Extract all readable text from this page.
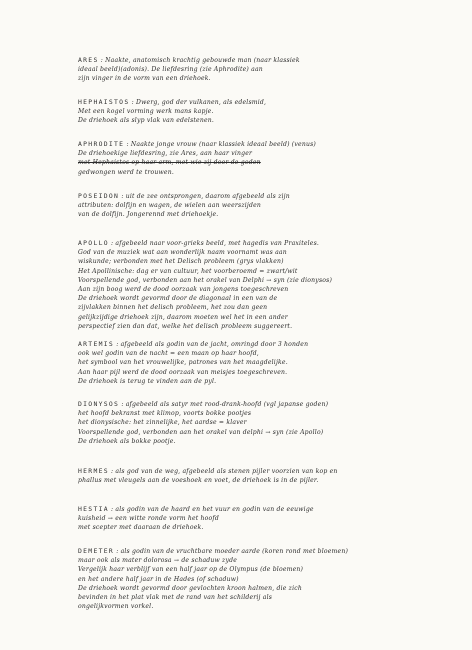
ARES : Naakte, anatomisch krachtig gebouwde man (naar klassiek
ideaal beeld)(adonis). De liefdesring (zie Aphrodite) aan
zijn vinger in de vorm van een driehoek.
HEPHAISTOS : Dwerg, god der vulkanen, als edelsmid,
Met een kogel vorming werk mans kapje.
De driehoek als slyp vlak van edelstenen.
APHRODITE : Naakte jonge vrouw (naar klassiek ideaal beeld) (venus)
De driehoekige liefdesring, zie Ares, aan haar vinger
met Hephaistos op haar arm, met wie zij door de goden
gedwongen werd te trouwen.
POSEIDON : uit de zee ontsprongen, daarom afgebeeld als zijn
attributen: dolfijn en wagen, de wielen aan weerszijden
van de dolfijn. Jongerennd met driehoekje.
APOLLO : afgebeeld naar voor-grieks beeld, met hagedis van Praxiteles.
God van de muziek wat aan wonderlijk naam voornamt was aan
wiskunde; verbonden met het Delisch probleem (grys vlakken)
Het Apollinische: dag er van cultuur, het voorberoemd = zwart/wit
Voorspellende god, verbonden aan het orakel van Delphi → syn (zie dionysos)
Aan zijn boog werd de dood oorzaak van jongens toegeschreven
De driehoek wordt gevormd door de diagonaal in een van de
zijvlakken binnen het delisch probleem, het zou dan geen
gelijkzijdige driehoek zijn, daarom moeten wel het in een ander
perspectief zien dan dat, welke het delisch probleem suggereert.
ARTEMIS : afgebeeld als godin van de jacht, omringd door 3 honden
ook wel godin van de nacht = een maan op haar hoofd,
het symbool van het vrouwelijke, patrones van het maagdelijke.
Aan haar pijl werd de dood oorzaak van meisjes toegeschreven.
De driehoek is terug te vinden aan de pyl.
DIONYSOS : afgebeeld als satyr met rood-drank-hoofd (vgl japanse goden)
het hoofd bekranst met klimop, voorts bokke pootjes
het dionysische: het zinnelijke, het aardse = klaver
Voorspellende god, verbonden aan het orakel van delphi → syn (zie Apollo)
De driehoek als bokke pootje.
HERMES : als god van de weg, afgebeeld als stenen pijler voorzien van kop en
phallus met vleugels aan de voeshoek en voet, de driehoek is in de pijler.
HESTIA : als godin van de haard en het vuur en godin van de eeuwige
kuisheid → een witte ronde vorm het hoofd
met scepter met daaraan de driehoek.
DEMETER : als godin van de vruchtbare moeder aarde (koren rond met bloemen)
maar ook als mater dolorosa → de schaduw zyde
Vergelijk haar verblijf van een half jaar op de Olympus (de bloemen)
en het andere half jaar in de Hades (of schaduw)
De driehoek wordt gevormd door gevlochten kroon halmen, die zich
bevinden in het plat vlak met de rand van het schilderij als
ongelijkvormen vorkel.
